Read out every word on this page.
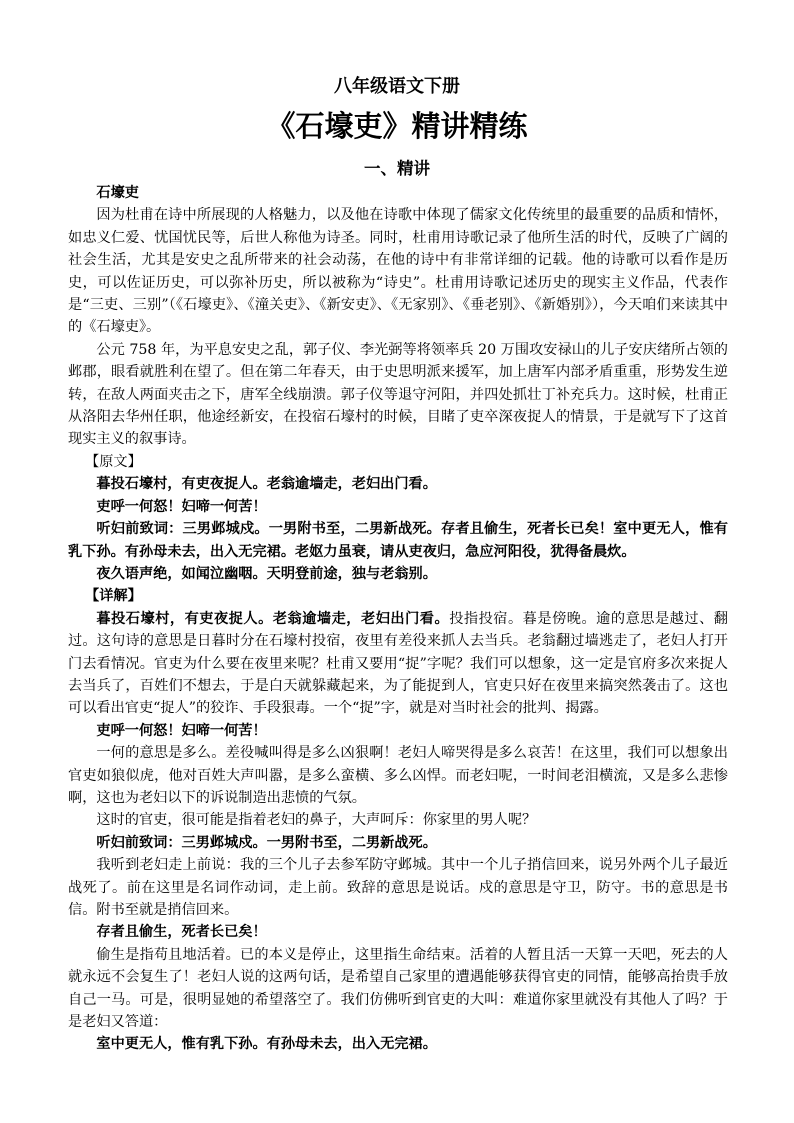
八年级语文下册
《石壕吏》精讲精练
一、精讲

石壕吏

因为杜甫在诗中所展现的人格魅力，以及他在诗歌中体现了儒家文化传统里的最重要的品质和情怀，如忠义仁爱、忧国忧民等，后世人称他为诗圣。同时，杜甫用诗歌记录了他所生活的时代，反映了广阔的社会生活，尤其是安史之乱所带来的社会动荡，在他的诗中有非常详细的记载。他的诗歌可以看作是历史，可以佐证历史，可以弥补历史，所以被称为“诗史”。杜甫用诗歌记述历史的现实主义作品，代表作是“三吏、三别”（《石壕吏》、《潼关吏》、《新安吏》、《无家别》、《垂老别》、《新婚别》），今天咱们来读其中的《石壕吏》。

公元 758 年，为平息安史之乱，郭子仪、李光弼等将领率兵 20 万围攻安禄山的儿子安庆绪所占领的邺郡，眼看就胜利在望了。但在第二年春天，由于史思明派来援军，加上唐军内部矛盾重重，形势发生逆转，在敌人两面夹击之下，唐军全线崩溃。郭子仪等退守河阳，并四处抓壮丁补充兵力。这时候，杜甫正从洛阳去华州任职，他途经新安，在投宿石壕村的时候，目睹了吏卒深夜捉人的情景，于是就写下了这首现实主义的叙事诗。

【原文】

暮投石壕村，有吏夜捉人。老翁逾墙走，老妇出门看。

吏呼一何怒！妇啼一何苦！

听妇前致词：三男邺城戍。一男附书至，二男新战死。存者且偷生，死者长已矣！室中更无人，惟有乳下孙。有孙母未去，出入无完裙。老妪力虽衰，请从吏夜归，急应河阳役，犹得备晨炊。

夜久语声绝，如闻泣幽咽。天明登前途，独与老翁别。

【详解】

暮投石壕村，有吏夜捉人。老翁逾墙走，老妇出门看。投指投宿。暮是傍晚。逾的意思是越过、翻过。这句诗的意思是日暮时分在石壕村投宿，夜里有差役来抓人去当兵。老翁翻过墙逃走了，老妇人打开门去看情况。官吏为什么要在夜里来呢？杜甫又要用“捉”字呢？我们可以想象，这一定是官府多次来捉人去当兵了，百姓们不想去，于是白天就躲藏起来，为了能捉到人，官吏只好在夜里来搞突然袭击了。这也可以看出官吏“捉人”的狡诈、手段狠毒。一个“捉”字，就是对当时社会的批判、揭露。

吏呼一何怒！妇啼一何苦！

一何的意思是多么。差役喊叫得是多么凶狠啊！老妇人啼哭得是多么哀苦！在这里，我们可以想象出官吏如狼似虎，他对百姓大声叫嚣，是多么蛮横、多么凶悍。而老妇呢，一时间老泪横流，又是多么悲惨啊，这也为老妇以下的诉说制造出悲愤的气氛。

这时的官吏，很可能是指着老妇的鼻子，大声呵斥：你家里的男人呢？

听妇前致词：三男邺城戍。一男附书至，二男新战死。

我听到老妇走上前说：我的三个儿子去参军防守邺城。其中一个儿子捎信回来，说另外两个儿子最近战死了。前在这里是名词作动词，走上前。致辞的意思是说话。戍的意思是守卫，防守。书的意思是书信。附书至就是捎信回来。

存者且偷生，死者长已矣！

偷生是指苟且地活着。已的本义是停止，这里指生命结束。活着的人暂且活一天算一天吧，死去的人就永远不会复生了！老妇人说的这两句话，是希望自己家里的遭遇能够获得官吏的同情，能够高抬贵手放自己一马。可是，很明显她的希望落空了。我们仿佛听到官吏的大叫：难道你家里就没有其他人了吗？于是老妇又答道：

室中更无人，惟有乳下孙。有孙母未去，出入无完裙。
